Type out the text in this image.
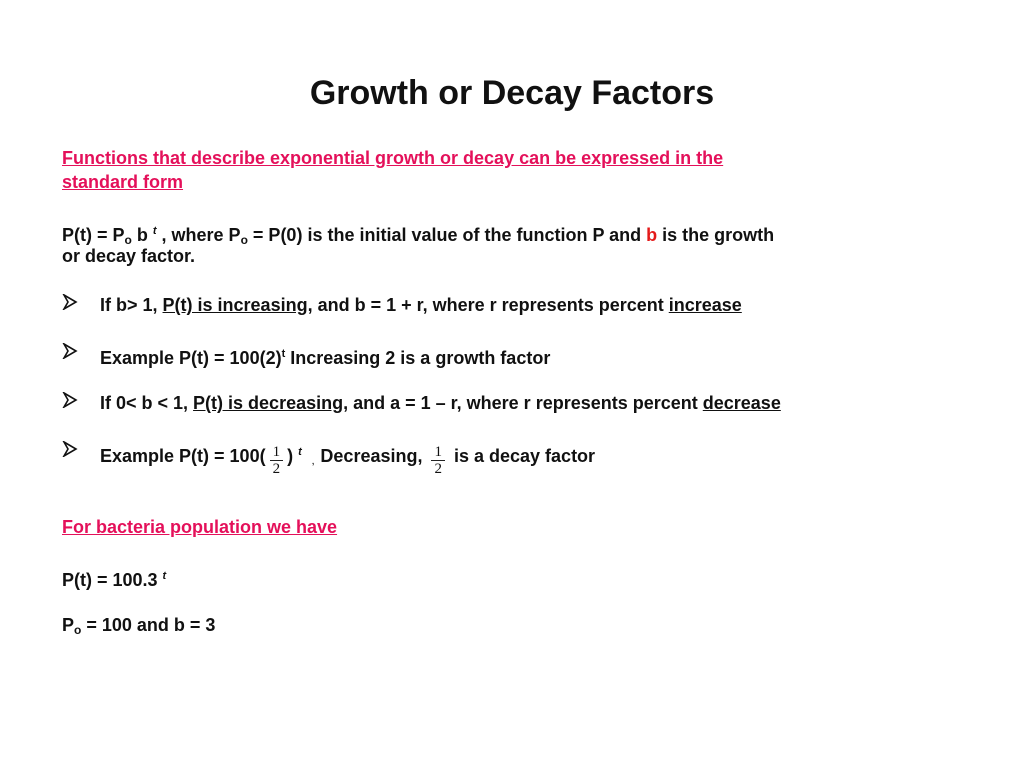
Growth or Decay Factors
Functions that describe exponential growth or decay can be expressed in the
standard form
$P(t) = P_o$ b $^t$ , where $P_o = P(0)$ is the initial value of the function P and b is the growth
or decay factor.
If b> 1, P(t) is increasing, and b = 1 + r, where r represents percent increase
Example $P(t) = 100(2)^t$ Increasing 2 is a growth factor
If 0< b < 1, P(t) is decreasing, and a = 1 – r, where r represents percent decrease
Example $P(t) = 100( \frac{1}{2}$ ) $^t$‚ Decreasing, $\frac{1}{2}$ is a decay factor
For bacteria population we have
P(t) = 100.3 $^t$
$P_o = 100$ and b = 3
